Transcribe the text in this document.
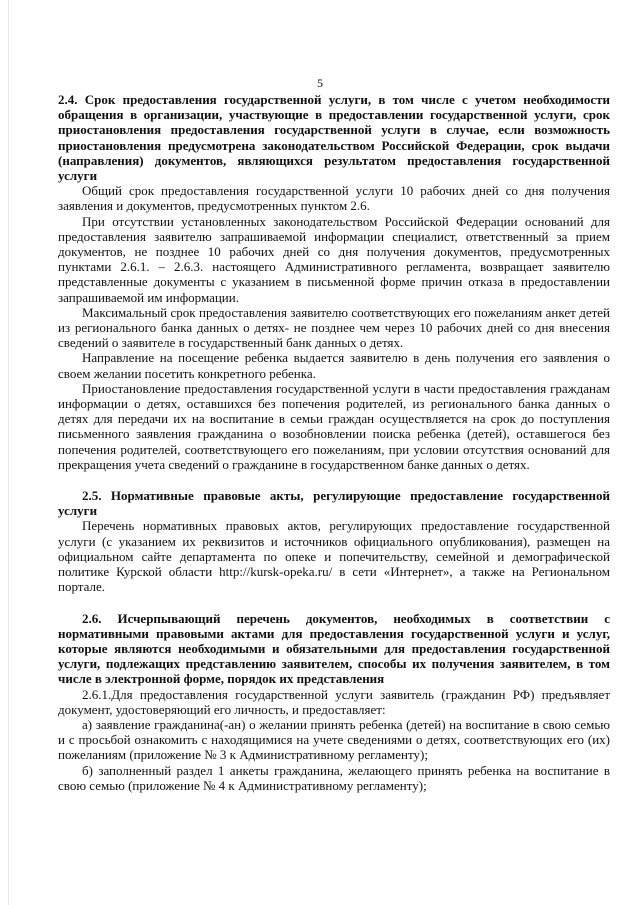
5

2.4. Срок предоставления государственной услуги, в том числе с учетом необходимости обращения в организации, участвующие в предоставлении государственной услуги, срок приостановления предоставления государственной услуги в случае, если возможность приостановления предусмотрена законодательством Российской Федерации, срок выдачи (направления) документов, являющихся результатом предоставления государственной услуги

Общий срок предоставления государственной услуги 10 рабочих дней со дня получения заявления и документов, предусмотренных пунктом 2.6.

При отсутствии установленных законодательством Российской Федерации оснований для предоставления заявителю запрашиваемой информации специалист, ответственный за прием документов, не позднее 10 рабочих дней со дня получения документов, предусмотренных пунктами 2.6.1. – 2.6.3. настоящего Административного регламента, возвращает заявителю представленные документы с указанием в письменной форме причин отказа в предоставлении запрашиваемой им информации.

Максимальный срок предоставления заявителю соответствующих его пожеланиям анкет детей из регионального банка данных о детях- не позднее чем через 10 рабочих дней со дня внесения сведений о заявителе в государственный банк данных о детях.

Направление на посещение ребенка выдается заявителю в день получения его заявления о своем желании посетить конкретного ребенка.

Приостановление предоставления государственной услуги в части предоставления гражданам информации о детях, оставшихся без попечения родителей, из регионального банка данных о детях для передачи их на воспитание в семьи граждан осуществляется на срок до поступления письменного заявления гражданина о возобновлении поиска ребенка (детей), оставшегося без попечения родителей, соответствующего его пожеланиям, при условии отсутствия оснований для прекращения учета сведений о гражданине в государственном банке данных о детях.

2.5. Нормативные правовые акты, регулирующие предоставление государственной услуги

Перечень нормативных правовых актов, регулирующих предоставление государственной услуги (с указанием их реквизитов и источников официального опубликования), размещен на официальном сайте департамента по опеке и попечительству, семейной и демографической политике Курской области http://kursk-opeka.ru/ в сети «Интернет», а также на Региональном портале.

2.6. Исчерпывающий перечень документов, необходимых в соответствии с нормативными правовыми актами для предоставления государственной услуги и услуг, которые являются необходимыми и обязательными для предоставления государственной услуги, подлежащих представлению заявителем, способы их получения заявителем, в том числе в электронной форме, порядок их представления

2.6.1.Для предоставления государственной услуги заявитель (гражданин РФ) предъявляет документ, удостоверяющий его личность, и предоставляет:

а) заявление гражданина(-ан) о желании принять ребенка (детей) на воспитание в свою семью и с просьбой ознакомить с находящимися на учете сведениями о детях, соответствующих его (их) пожеланиям (приложение № 3 к Административному регламенту);

б) заполненный раздел 1 анкеты гражданина, желающего принять ребенка на воспитание в свою семью (приложение № 4 к Административному регламенту);
